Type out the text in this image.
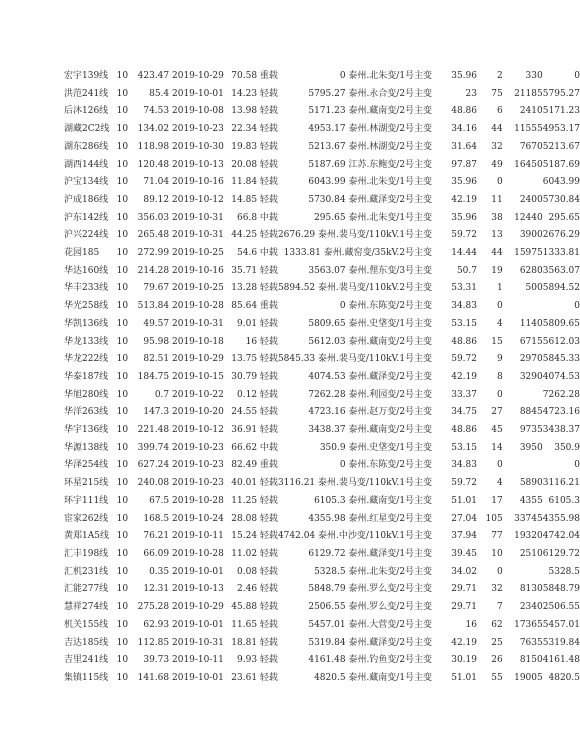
宏宇139线	10	423.47 2019-10-29	70.58 重载	0 泰州.北朱变/1号主变	35.96	2	330	0
洪范241线	10	85.4 2019-10-01	14.23 轻载	5795.27 泰州.永合变/2号主变	23	75	21185	5795.27
后沐126线	10	74.53 2019-10-08	13.98 轻载	5171.23 泰州.藏南变/2号主变	48.86	6	2410	5171.23
湖藏2C2线	10	134.02 2019-10-23	22.34 轻载	4953.17 泰州.林湖变/2号主变	34.16	44	11555	4953.17
湖东286线	10	118.98 2019-10-30	19.83 轻载	5213.67 泰州.林湖变/2号主变	31.64	32	7670	5213.67
湖西144线	10	120.48 2019-10-13	20.08 轻载	5187.69 江苏.东鲍变/2号主变	97.87	49	16450	5187.69
沪宝134线	10	71.04 2019-10-16	11.84 轻载	6043.99 泰州.北朱变/1号主变	35.96	0		6043.99
沪成186线	10	89.12 2019-10-12	14.85 轻载	5730.84 泰州.藏泽变/2号主变	42.19	11	2400	5730.84
沪东142线	10	356.03 2019-10-31	66.8 中载	295.65 泰州.北朱变/1号主变	35.96	38	12440	295.65
沪兴224线	10	265.48 2019-10-31	44.25 轻载	2676.29 泰州.裴马变/110kV.1号主变	59.72	13	3900	2676.29
花园185	10	272.99 2019-10-25	54.6 中载	1333.81 泰州.藏窑变/35kV.2号主变	14.44	44	15975	1333.81
华达160线	10	214.28 2019-10-16	35.71 轻载	3563.07 泰州.俚东变/3号主变	50.7	19	6280	3563.07
华丰233线	10	79.67 2019-10-25	13.28 轻载	5894.52 泰州.裴马变/110kV.2号主变	53.31	1	500	5894.52
华光258线	10	513.84 2019-10-28	85.64 重载	0 泰州.东陈变/2号主变	34.83	0		0
华凯136线	10	49.57 2019-10-31	9.01 轻载	5809.65 泰州.史垡变/1号主变	53.15	4	1140	5809.65
华龙133线	10	95.98 2019-10-18	16 轻载	5612.03 泰州.藏南变/2号主变	48.86	15	6715	5612.03
华龙222线	10	82.51 2019-10-29	13.75 轻载	5845.33 泰州.裴马变/110kV.1号主变	59.72	9	2970	5845.33
华泰187线	10	184.75 2019-10-15	30.79 轻载	4074.53 泰州.藏泽变/2号主变	42.19	8	3290	4074.53
华旭280线	10	0.7 2019-10-22	0.12 轻载	7262.28 泰州.利园变/2号主变	33.37	0		7262.28
华洋263线	10	147.3 2019-10-20	24.55 轻载	4723.16 泰州.赵万变/2号主变	34.75	27	8845	4723.16
华宇136线	10	221.48 2019-10-12	36.91 轻载	3438.37 泰州.藏南变/2号主变	48.86	45	9735	3438.37
华源138线	10	399.74 2019-10-23	66.62 中载	350.9 泰州.史垡变/1号主变	53.15	14	3950	350.9
华泽254线	10	627.24 2019-10-23	82.49 重载	0 泰州.东陈变/2号主变	34.83	0		0
环星215线	10	240.08 2019-10-23	40.01 轻载	3116.21 泰州.裴马变/110kV.1号主变	59.72	4	5890	3116.21
环宇111线	10	67.5 2019-10-28	11.25 轻载	6105.3 泰州.藏南变/1号主变	51.01	17	4355	6105.3
宦家262线	10	168.5 2019-10-24	28.08 轻载	4355.98 泰州.红星变/2号主变	27.04	105	33745	4355.98
黄郑1A5线	10	76.21 2019-10-11	15.24 轻载	4742.04 泰州.中沙变/110kV.1号主变	37.94	77	19320	4742.04
汇丰198线	10	66.09 2019-10-28	11.02 轻载	6129.72 泰州.藏泽变/1号主变	39.45	10	2510	6129.72
汇机231线	10	0.35 2019-10-01	0.08 轻载	5328.5 泰州.北朱变/2号主变	34.02	0		5328.5
汇能277线	10	12.31 2019-10-13	2.46 轻载	5848.79 泰州.罗么变/2号主变	29.71	32	8130	5848.79
慧祥274线	10	275.28 2019-10-29	45.88 轻载	2506.55 泰州.罗么变/2号主变	29.71	7	2340	2506.55
机关155线	10	62.93 2019-10-01	11.65 轻载	5457.01 泰州.大营变/2号主变	16	62	17365	5457.01
吉达185线	10	112.85 2019-10-31	18.81 轻载	5319.84 泰州.藏泽变/2号主变	42.19	25	7635	5319.84
吉里241线	10	39.73 2019-10-11	9.93 轻载	4161.48 泰州.钓鱼变/2号主变	30.19	26	8150	4161.48
集镇115线	10	141.68 2019-10-01	23.61 轻载	4820.5 泰州.藏南变/1号主变	51.01	55	19005	4820.5
